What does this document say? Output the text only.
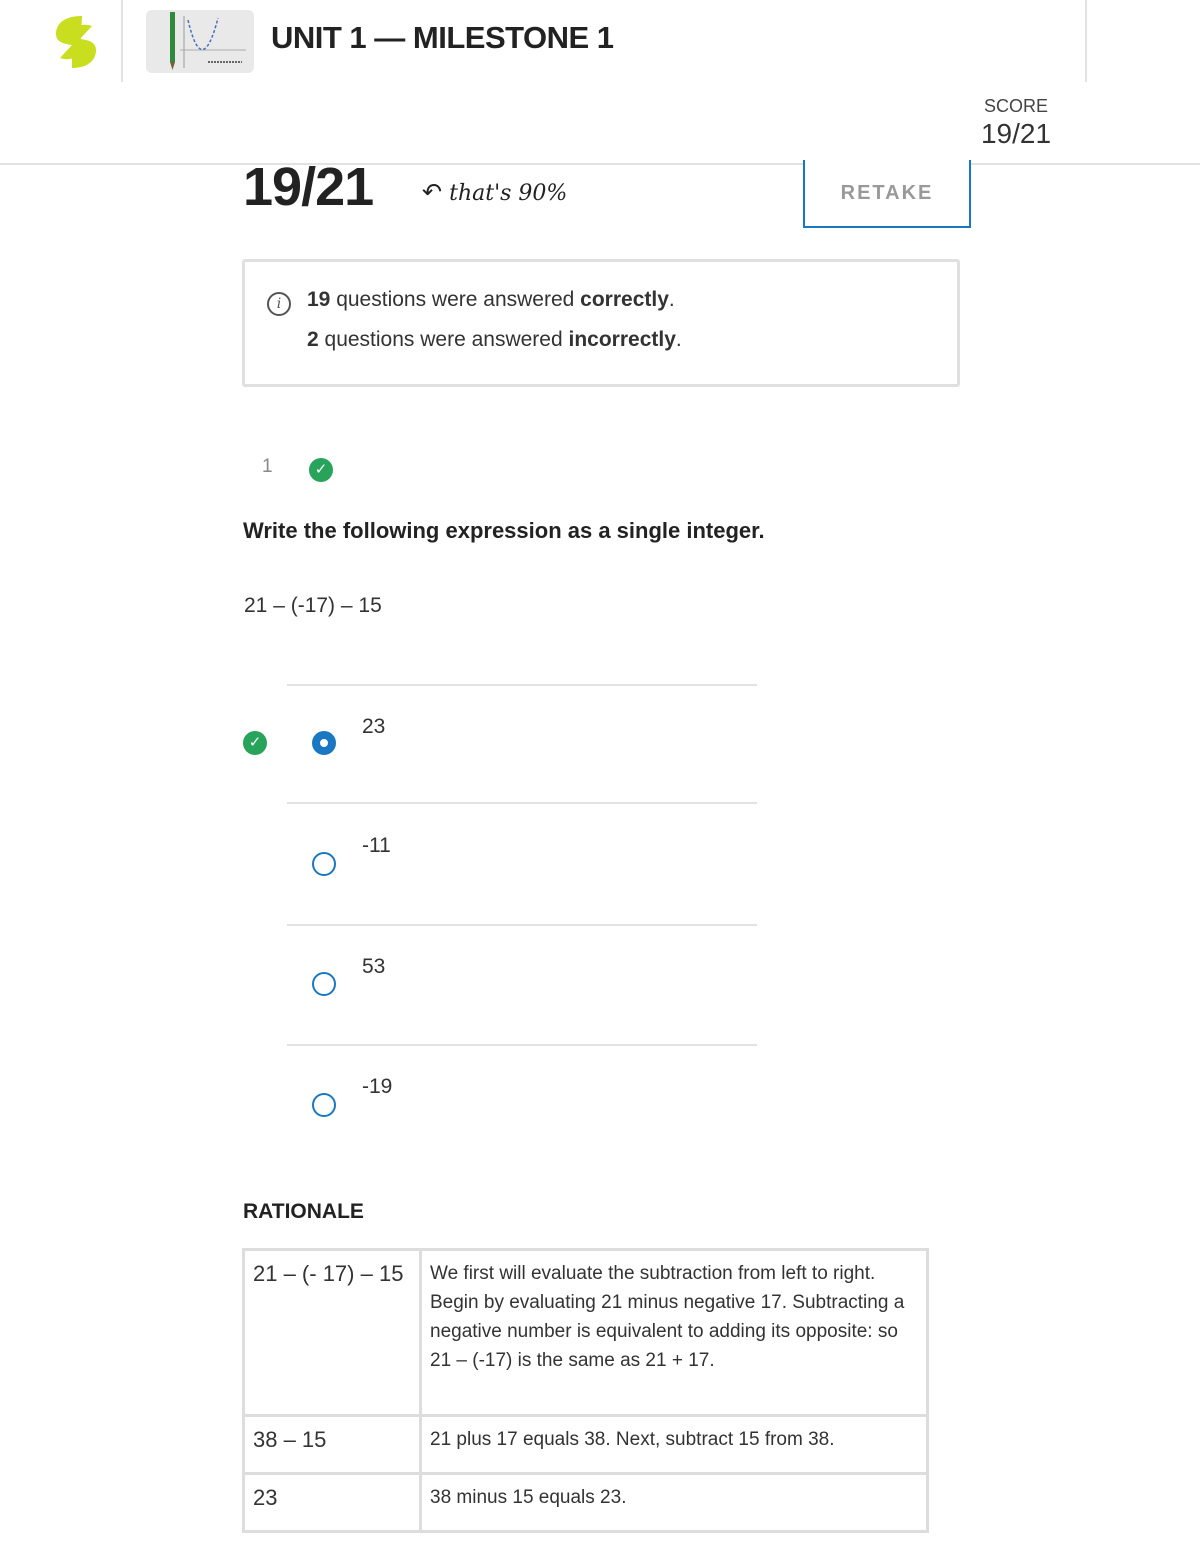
UNIT 1 — MILESTONE 1
SCORE
19/21
19/21 ↶ that's 90%	RETAKE
i	19 questions were answered correctly.
2 questions were answered incorrectly.
1	✓
Write the following expression as a single integer.
21 – (-17) – 15
✓
23
-11
53
-19
RATIONALE
21 – (- 17) – 15	We first will evaluate the subtraction from left to right. Begin by evaluating 21 minus negative 17. Subtracting a negative number is equivalent to adding its opposite: so 21 – (-17) is the same as 21 + 17.
38 – 15	21 plus 17 equals 38. Next, subtract 15 from 38.
23	38 minus 15 equals 23.
